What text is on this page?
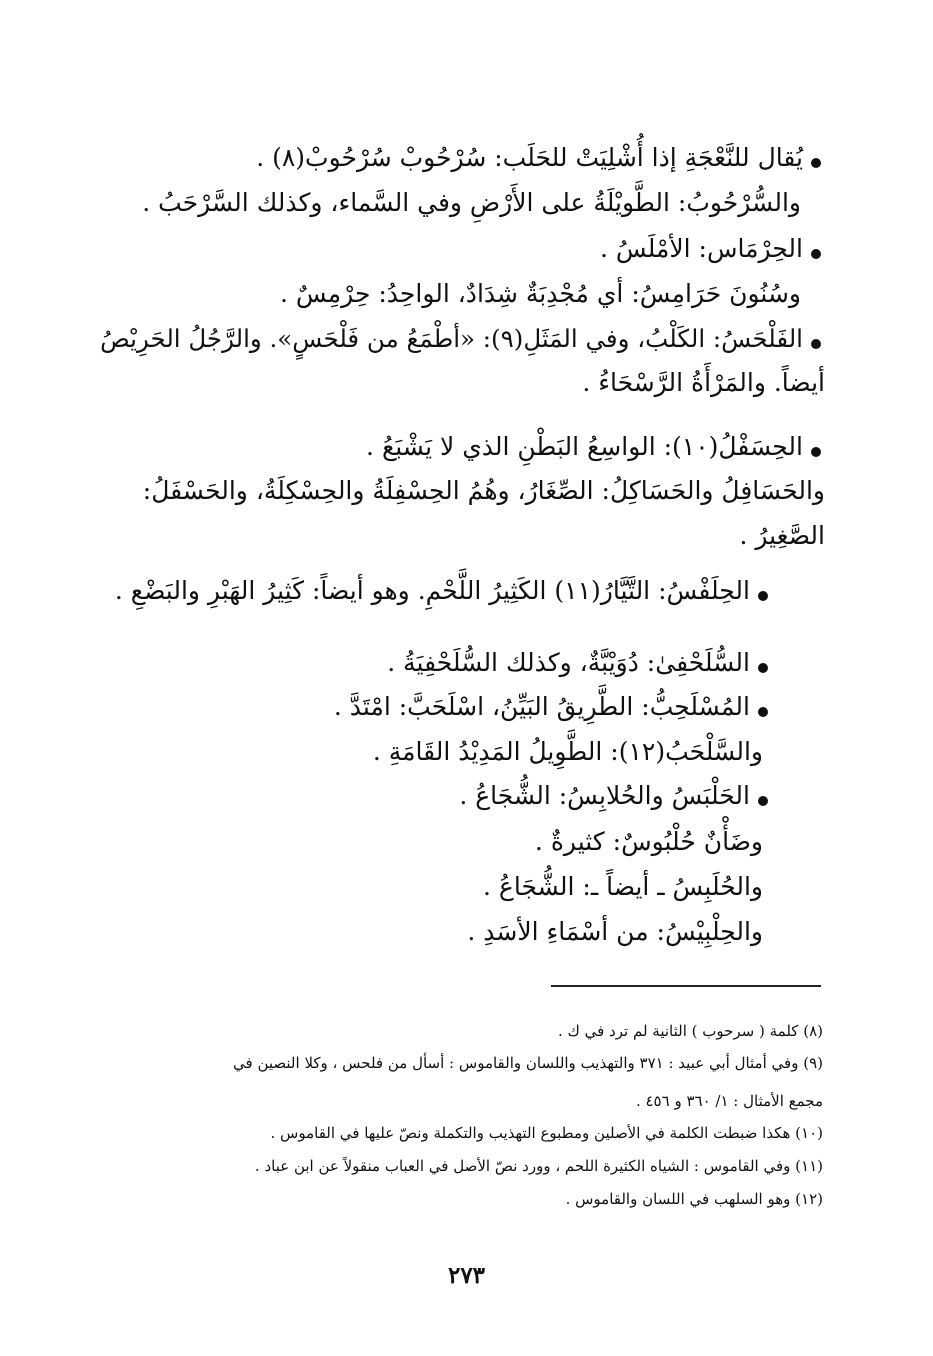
يُقال للنَّعْجَةِ إذا أُشْلِيَتْ للحَلَب: سُرْحُوبْ سُرْحُوبْ(٨) .
والسُّرْحُوبُ: الطَّويْلَةُ على الأَرْضِ وفي السَّماء، وكذلك السَّرْحَبُ .
الحِرْمَاس: الأمْلَسُ .
وسُنُونَ حَرَامِسُ: أي مُجْدِبَةٌ شِدَادٌ، الواحِدُ: حِرْمِسٌ .
الفَلْحَسُ: الكَلْبُ، وفي المَثَلِ(٩): «أطْمَعُ من فَلْحَسٍ». والرَّجُلُ الحَرِيْصُ
أيضاً. والمَرْأَةُ الرَّسْحَاءُ .
الحِسَفْلُ(١٠): الواسِعُ البَطْنِ الذي لا يَشْبَعُ .
والحَسَافِلُ والحَسَاكِلُ: الصِّغَارُ، وهُمُ الحِسْفِلَةُ والحِسْكِلَةُ، والحَسْفَلُ:
الصَّغِيرُ .
الحِلَفْسُ: التَّيَّارُ(١١) الكَثِيرُ اللَّحْمِ. وهو أيضاً: كَثِيرُ الهَبْرِ والبَضْعِ .
السُّلَحْفِىٰ: دُوَيْبَّةٌ، وكذلك السُّلَحْفِيَةُ .
المُسْلَحِبُّ: الطَّرِيقُ البَيِّنُ، اسْلَحَبَّ: امْتَدَّ .
والسَّلْحَبُ(١٢): الطَّوِيلُ المَدِيْدُ القَامَةِ .
الحَلْبَسُ والحُلابِسُ: الشُّجَاعُ .
وضَأْنٌ حُلْبُوسٌ: كثيرةٌ .
والحُلَبِسُ ـ أيضاً ـ: الشُّجَاعُ .
والحِلْبِيْسُ: من أسْمَاءِ الأسَدِ .
(٨) كلمة ( سرحوب ) الثانية لم ترد في ك .
(٩) وفي أمثال أبي عبيد : ٣٧١ والتهذيب واللسان والقاموس : أسأل من فلحس ، وكلا النصين في
مجمع الأمثال : ١/ ٣٦٠ و ٤٥٦ .
(١٠) هكذا ضبطت الكلمة في الأصلين ومطبوع التهذيب والتكملة ونصّ عليها في القاموس .
(١١) وفي القاموس : الشياه الكثيرة اللحم ، وورد نصّ الأصل في العباب منقولاً عن ابن عباد .
(١٢) وهو السلهب في اللسان والقاموس .
٢٧٣
